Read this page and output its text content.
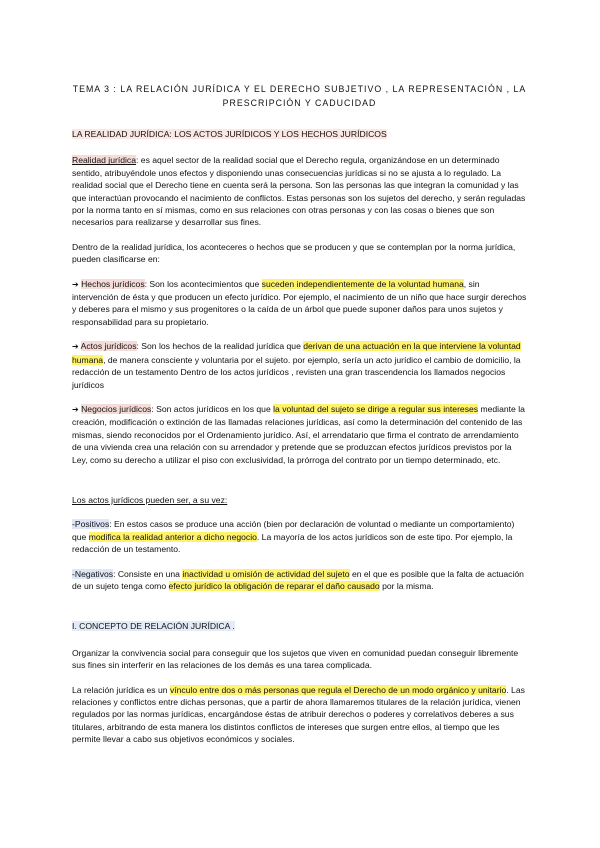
TEMA 3 : LA RELACIÓN JURÍDICA Y EL DERECHO SUBJETIVO , LA REPRESENTACIÓN , LA
PRESCRIPCIÓN Y CADUCIDAD
LA REALIDAD JURÍDICA: LOS ACTOS JURÍDICOS Y LOS HECHOS JURÍDICOS

Realidad jurídica: es aquel sector de la realidad social que el Derecho regula, organizándose en un determinado sentido, atribuyéndole unos efectos y disponiendo unas consecuencias jurídicas si no se ajusta a lo regulado. La realidad social que el Derecho tiene en cuenta será la persona. Son las personas las que integran la comunidad y las que interactúan provocando el nacimiento de conflictos. Estas personas son los sujetos del derecho, y serán reguladas por la norma tanto en sí mismas, como en sus relaciones con otras personas y con las cosas o bienes que son necesarios para realizarse y desarrollar sus fines.

Dentro de la realidad jurídica, los aconteceres o hechos que se producen y que se contemplan por la norma jurídica, pueden clasificarse en:

➔ Hechos jurídicos: Son los acontecimientos que suceden independientemente de la voluntad humana, sin intervención de ésta y que producen un efecto jurídico. Por ejemplo, el nacimiento de un niño que hace surgir derechos y deberes para el mismo y sus progenitores o la caída de un árbol que puede suponer daños para unos sujetos y responsabilidad para su propietario.

➔ Actos jurídicos: Son los hechos de la realidad jurídica que derivan de una actuación en la que interviene la voluntad humana, de manera consciente y voluntaria por el sujeto. por ejemplo, sería un acto jurídico el cambio de domicilio, la redacción de un testamento Dentro de los actos jurídicos , revisten una gran trascendencia los llamados negocios jurídicos

➔ Negocios jurídicos: Son actos jurídicos en los que la voluntad del sujeto se dirige a regular sus intereses mediante la creación, modificación o extinción de las llamadas relaciones jurídicas, así como la determinación del contenido de las mismas, siendo reconocidos por el Ordenamiento jurídico. Así, el arrendatario que firma el contrato de arrendamiento de una vivienda crea una relación con su arrendador y pretende que se produzcan efectos jurídicos previstos por la Ley, como su derecho a utilizar el piso con exclusividad, la prórroga del contrato por un tiempo determinado, etc.

Los actos jurídicos pueden ser, a su vez:

-Positivos: En estos casos se produce una acción (bien por declaración de voluntad o mediante un comportamiento) que modifica la realidad anterior a dicho negocio. La mayoría de los actos jurídicos son de este tipo. Por ejemplo, la redacción de un testamento.

-Negativos: Consiste en una inactividad u omisión de actividad del sujeto en el que es posible que la falta de actuación de un sujeto tenga como efecto jurídico la obligación de reparar el daño causado por la misma.

I. CONCEPTO DE RELACIÓN JURÍDICA .

Organizar la convivencia social para conseguir que los sujetos que viven en comunidad puedan conseguir libremente sus fines sin interferir en las relaciones de los demás es una tarea complicada.

La relación jurídica es un vínculo entre dos o más personas que regula el Derecho de un modo orgánico y unitario. Las relaciones y conflictos entre dichas personas, que a partir de ahora llamaremos titulares de la relación jurídica, vienen regulados por las normas jurídicas, encargándose éstas de atribuir derechos o poderes y correlativos deberes a sus titulares, arbitrando de esta manera los distintos conflictos de intereses que surgen entre ellos, al tiempo que les permite llevar a cabo sus objetivos económicos y sociales.
